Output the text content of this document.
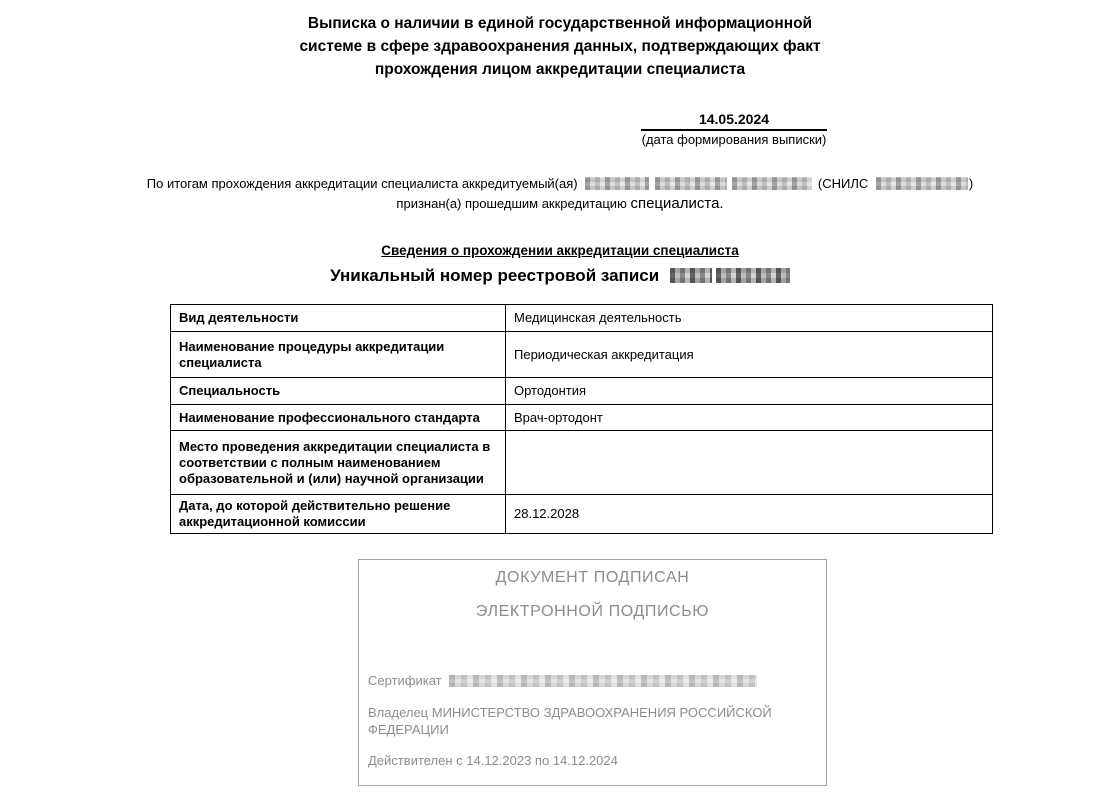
Выписка о наличии в единой государственной информационной
системе в сфере здравоохранения данных, подтверждающих факт
прохождения лицом аккредитации специалиста
14.05.2024
(дата формирования выписки)
По итогам прохождения аккредитации специалиста аккредитуемый(ая)	(СНИЛС	)
признан(а) прошедшим аккредитацию специалиста.
Сведения о прохождении аккредитации специалиста
Уникальный номер реестровой записи
Вид деятельности	Медицинская деятельность
Наименование процедуры аккредитации специалиста	Периодическая аккредитация
Специальность	Ортодонтия
Наименование профессионального стандарта	Врач-ортодонт
Место проведения аккредитации специалиста в соответствии с полным наименованием образовательной и (или) научной организации	
Дата, до которой действительно решение аккредитационной комиссии	28.12.2028
ДОКУМЕНТ ПОДПИСАН
ЭЛЕКТРОННОЙ ПОДПИСЬЮ
Сертификат
Владелец МИНИСТЕРСТВО ЗДРАВООХРАНЕНИЯ РОССИЙСКОЙ ФЕДЕРАЦИИ
Действителен с 14.12.2023 по 14.12.2024
